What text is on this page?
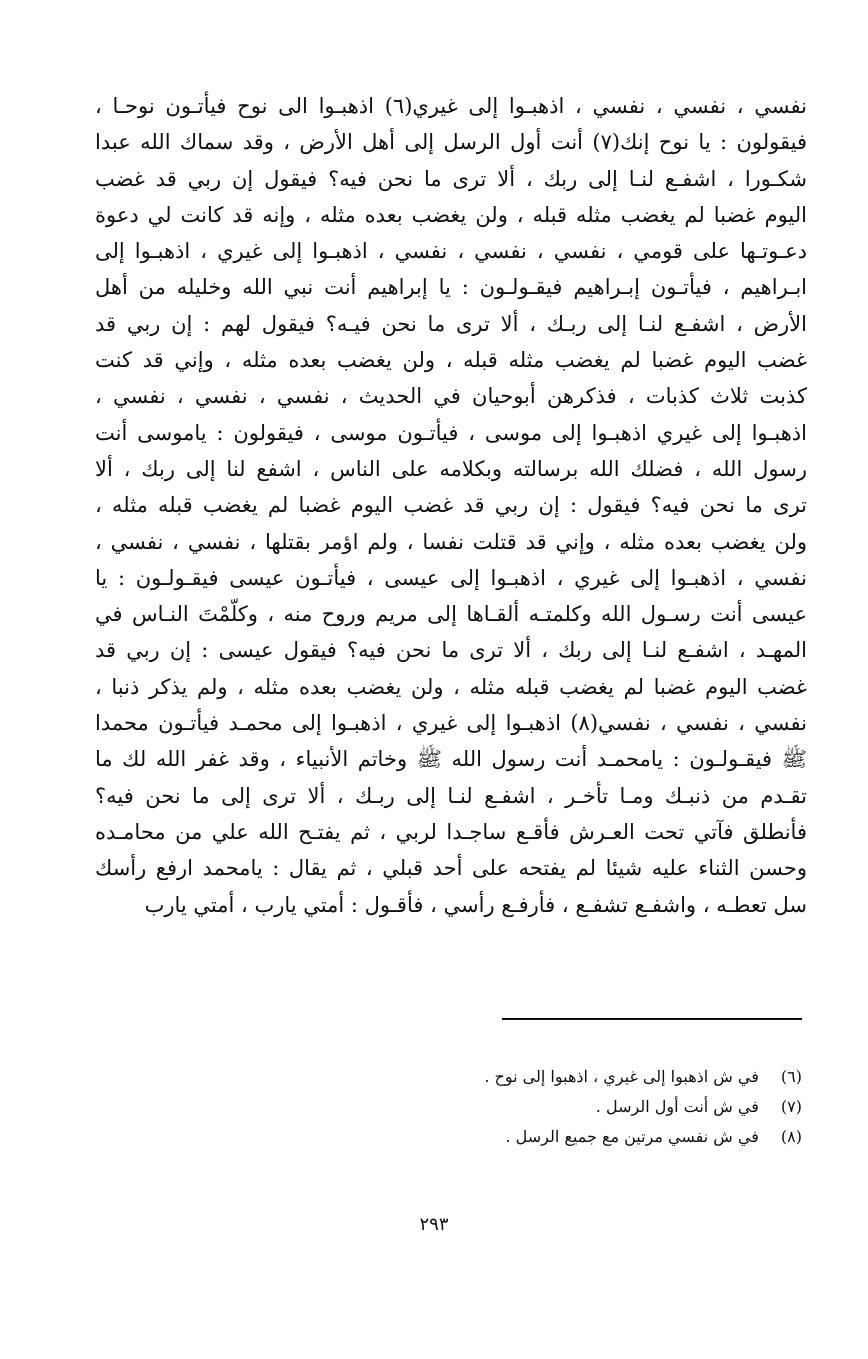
نفسي ، نفسي ، نفسي ، اذهبـوا إلى غيري(٦) اذهبـوا الى نوح فيأتـون نوحـا ،
فيقولون : يا نوح إنك(٧) أنت أول الرسل إلى أهل الأرض ، وقد سماك الله عبدا
شكـورا ، اشفـع لنـا إلى ربك ، ألا ترى ما نحن فيه؟ فيقول إن ربي قد غضب
اليوم غضبا لم يغضب مثله قبله ، ولن يغضب بعده مثله ، وإنه قد كانت لي دعوة
دعـوتـها على قومي ، نفسي ، نفسي ، نفسي ، اذهبـوا إلى غيري ، اذهبـوا إلى
ابـراهيم ، فيأتـون إبـراهيم فيقـولـون : يا إبراهيم أنت نبي الله وخليله من أهل
الأرض ، اشفـع لنـا إلى ربـك ، ألا ترى ما نحن فيـه؟ فيقول لهم : إن ربي قد
غضب اليوم غضبا لم يغضب مثله قبله ، ولن يغضب بعده مثله ، وإني قد كنت
كذبت ثلاث كذبات ، فذكرهن أبوحيان في الحديث ، نفسي ، نفسي ، نفسي ،
اذهبـوا إلى غيري اذهبـوا إلى موسى ، فيأتـون موسى ، فيقولون : ياموسى أنت
رسول الله ، فضلك الله برسالته وبكلامه على الناس ، اشفع لنا إلى ربك ، ألا
ترى ما نحن فيه؟ فيقول : إن ربي قد غضب اليوم غضبا لم يغضب قبله مثله ،
ولن يغضب بعده مثله ، وإني قد قتلت نفسا ، ولم اؤمر بقتلها ، نفسي ، نفسي ،
نفسي ، اذهبـوا إلى غيري ، اذهبـوا إلى عيسى ، فيأتـون عيسى فيقـولـون : يا
عيسى أنت رسـول الله وكلمتـه ألقـاها إلى مريم وروح منه ، وكلّمْتَ النـاس في
المهـد ، اشفـع لنـا إلى ربك ، ألا ترى ما نحن فيه؟ فيقول عيسى : إن ربي قد
غضب اليوم غضبا لم يغضب قبله مثله ، ولن يغضب بعده مثله ، ولم يذكر ذنبا ،
نفسي ، نفسي ، نفسي(٨) اذهبـوا إلى غيري ، اذهبـوا إلى محمـد فيأتـون محمدا
ﷺ فيقـولـون : يامحمـد أنت رسول الله ﷺ وخاتم الأنبياء ، وقد غفر الله لك ما
تقـدم من ذنبـك ومـا تأخـر ، اشفـع لنـا إلى ربـك ، ألا ترى إلى ما نحن فيه؟
فأنطلق فآتي تحت العـرش فأقـع ساجـدا لربي ، ثم يفتـح الله علي من محامـده
وحسن الثناء عليه شيئا لم يفتحه على أحد قبلي ، ثم يقال : يامحمد ارفع رأسك
سل تعطـه ، واشفـع تشفـع ، فأرفـع رأسي ، فأقـول : أمتي يارب ، أمتي يارب
(٦) في ش اذهبوا إلى غيري ، اذهبوا إلى نوح .
(٧) في ش أنت أول الرسل .
(٨) في ش نفسي مرتين مع جميع الرسل .
٢٩٣
